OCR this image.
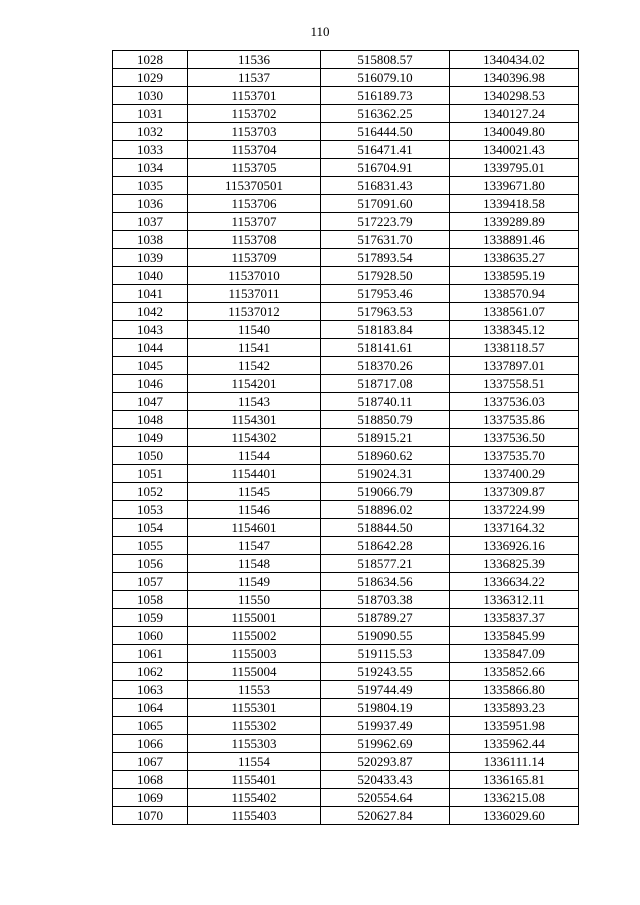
110
1028	11536	515808.57	1340434.02
1029	11537	516079.10	1340396.98
1030	1153701	516189.73	1340298.53
1031	1153702	516362.25	1340127.24
1032	1153703	516444.50	1340049.80
1033	1153704	516471.41	1340021.43
1034	1153705	516704.91	1339795.01
1035	115370501	516831.43	1339671.80
1036	1153706	517091.60	1339418.58
1037	1153707	517223.79	1339289.89
1038	1153708	517631.70	1338891.46
1039	1153709	517893.54	1338635.27
1040	11537010	517928.50	1338595.19
1041	11537011	517953.46	1338570.94
1042	11537012	517963.53	1338561.07
1043	11540	518183.84	1338345.12
1044	11541	518141.61	1338118.57
1045	11542	518370.26	1337897.01
1046	1154201	518717.08	1337558.51
1047	11543	518740.11	1337536.03
1048	1154301	518850.79	1337535.86
1049	1154302	518915.21	1337536.50
1050	11544	518960.62	1337535.70
1051	1154401	519024.31	1337400.29
1052	11545	519066.79	1337309.87
1053	11546	518896.02	1337224.99
1054	1154601	518844.50	1337164.32
1055	11547	518642.28	1336926.16
1056	11548	518577.21	1336825.39
1057	11549	518634.56	1336634.22
1058	11550	518703.38	1336312.11
1059	1155001	518789.27	1335837.37
1060	1155002	519090.55	1335845.99
1061	1155003	519115.53	1335847.09
1062	1155004	519243.55	1335852.66
1063	11553	519744.49	1335866.80
1064	1155301	519804.19	1335893.23
1065	1155302	519937.49	1335951.98
1066	1155303	519962.69	1335962.44
1067	11554	520293.87	1336111.14
1068	1155401	520433.43	1336165.81
1069	1155402	520554.64	1336215.08
1070	1155403	520627.84	1336029.60
